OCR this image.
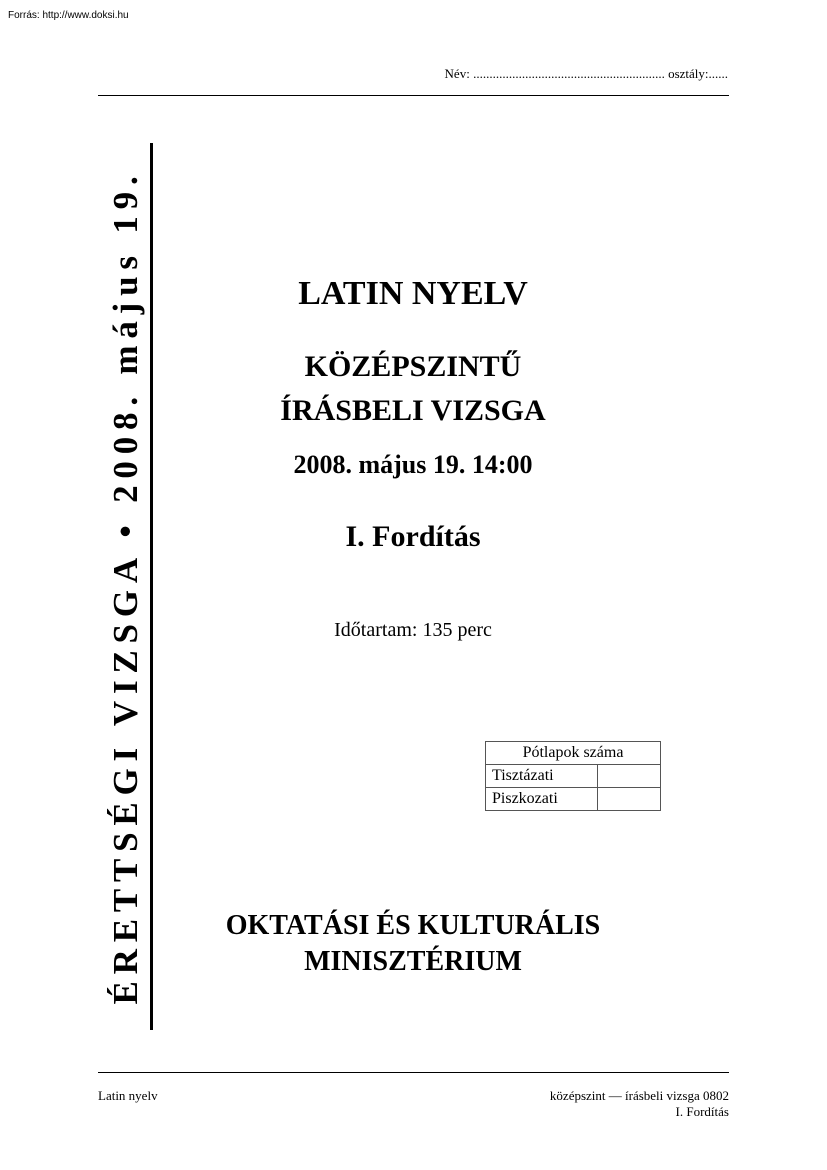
Forrás: http://www.doksi.hu
Név: ........................................................... osztály:......
ÉRETTSÉGI VIZSGA • 2008. május 19.	LATIN NYELV
KÖZÉPSZINTŰ
ÍRÁSBELI VIZSGA
2008. május 19. 14:00
I. Fordítás
Időtartam: 135 perc
Pótlapok száma	
Tisztázati	
Piszkozati	
OKTATÁSI ÉS KULTURÁLIS
MINISZTÉRIUM
Latin nyelv	középszint — írásbeli vizsga 0802
I. Fordítás
